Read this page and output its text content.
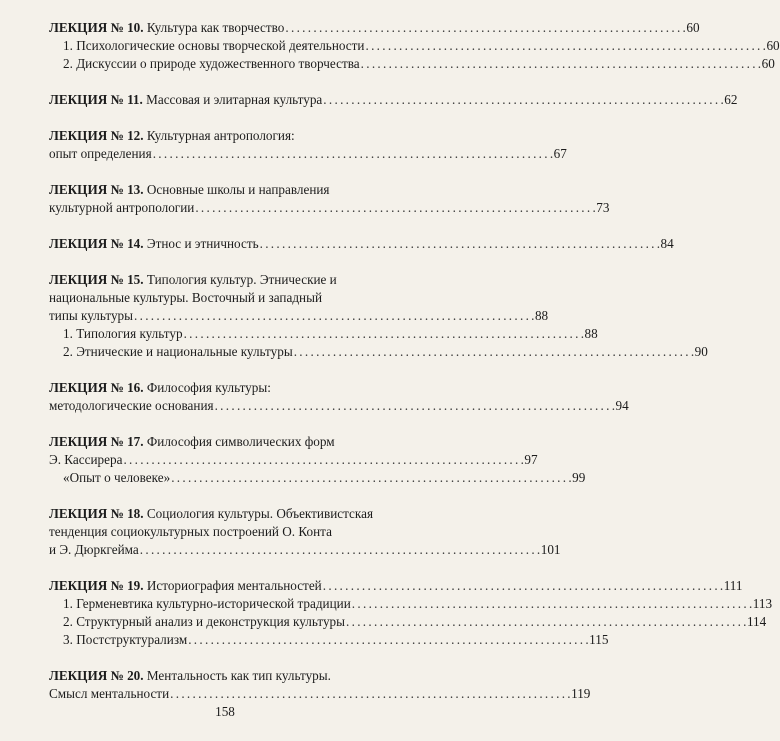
ЛЕКЦИЯ № 10. Культура как творчество . . .	60
1. Психологические основы творческой деятельности . . .	60
2. Дискуссии о природе художественного творчества . . .	60
ЛЕКЦИЯ № 11. Массовая и элитарная культура . . .	62
ЛЕКЦИЯ № 12. Культурная антропология:
опыт определения . . .	67
ЛЕКЦИЯ № 13. Основные школы и направления
культурной антропологии . . .	73
ЛЕКЦИЯ № 14. Этнос и этничность . . .	84
ЛЕКЦИЯ № 15. Типология культур. Этнические и
национальные культуры. Восточный и западный
типы культуры . . .	88
1. Типология культур . . .	88
2. Этнические и национальные культуры . . .	90
ЛЕКЦИЯ № 16. Философия культуры:
методологические основания . . .	94
ЛЕКЦИЯ № 17. Философия символических форм
Э. Кассирера . . .	97
«Опыт о человеке» . . .	99
ЛЕКЦИЯ № 18. Социология культуры. Объективистская
тенденция социокультурных построений О. Конта
и Э. Дюркгейма . . .	101
ЛЕКЦИЯ № 19. Историография ментальностей . . .	111
1. Герменевтика культурно-исторической традиции . . .	113
2. Структурный анализ и деконструкция культуры . . .	114
3. Постструктурализм . . .	115
ЛЕКЦИЯ № 20. Ментальность как тип культуры.
Смысл ментальности . . .	119
158
